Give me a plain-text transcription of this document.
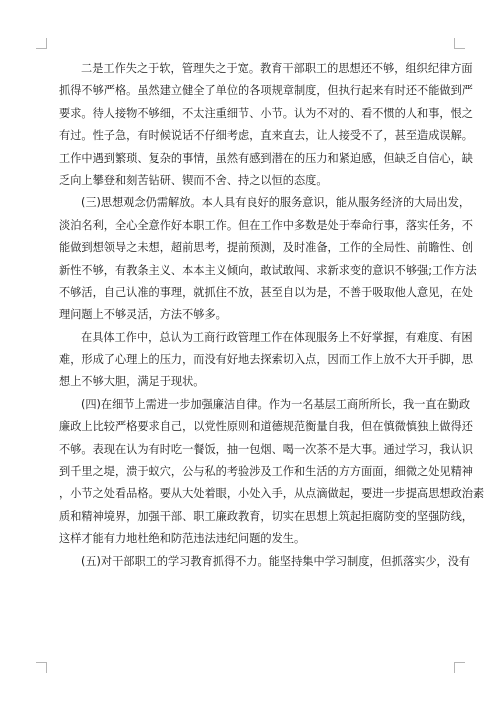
二是工作失之于软，管理失之于宽。教育干部职工的思想还不够，组织纪律方面
抓得不够严格。虽然建立健全了单位的各项规章制度，但执行起来有时还不能做到严
要求。待人接物不够细，不太注重细节、小节。认为不对的、看不惯的人和事，恨之
有过。性子急，有时候说话不仔细考虑，直来直去，让人接受不了，甚至造成误解。
工作中遇到繁琐、复杂的事情，虽然有感到潜在的压力和紧迫感，但缺乏自信心，缺
乏向上攀登和刻苦钻研、锲而不舍、持之以恒的态度。

(三)思想观念仍需解放。本人具有良好的服务意识，能从服务经济的大局出发，
淡泊名利，全心全意作好本职工作。但在工作中多数是处于奉命行事，落实任务，不
能做到想领导之未想，超前思考，提前预测，及时准备，工作的全局性、前瞻性、创
新性不够，有教条主义、本本主义倾向，敢试敢闯、求新求变的意识不够强;工作方法
不够活，自己认准的事理，就抓住不放，甚至自以为是，不善于吸取他人意见，在处
理问题上不够灵活，方法不够多。

在具体工作中，总认为工商行政管理工作在体现服务上不好掌握，有难度、有困
难，形成了心理上的压力，而没有好地去探索切入点，因而工作上放不大开手脚，思
想上不够大胆，满足于现状。

(四)在细节上需进一步加强廉洁自律。作为一名基层工商所所长，我一直在勤政
廉政上比较严格要求自己，以党性原则和道德规范衡量自我，但在慎微慎独上做得还
不够。表现在认为有时吃一餐饭，抽一包烟、喝一次茶不是大事。通过学习，我认识
到千里之堤，溃于蚁穴，公与私的考验涉及工作和生活的方方面面，细微之处见精神
，小节之处看品格。要从大处着眼，小处入手，从点滴做起，要进一步提高思想政治素
质和精神境界，加强干部、职工廉政教育，切实在思想上筑起拒腐防变的坚强防线，
这样才能有力地杜绝和防范违法违纪问题的发生。

(五)对干部职工的学习教育抓得不力。能坚持集中学习制度，但抓落实少，没有
